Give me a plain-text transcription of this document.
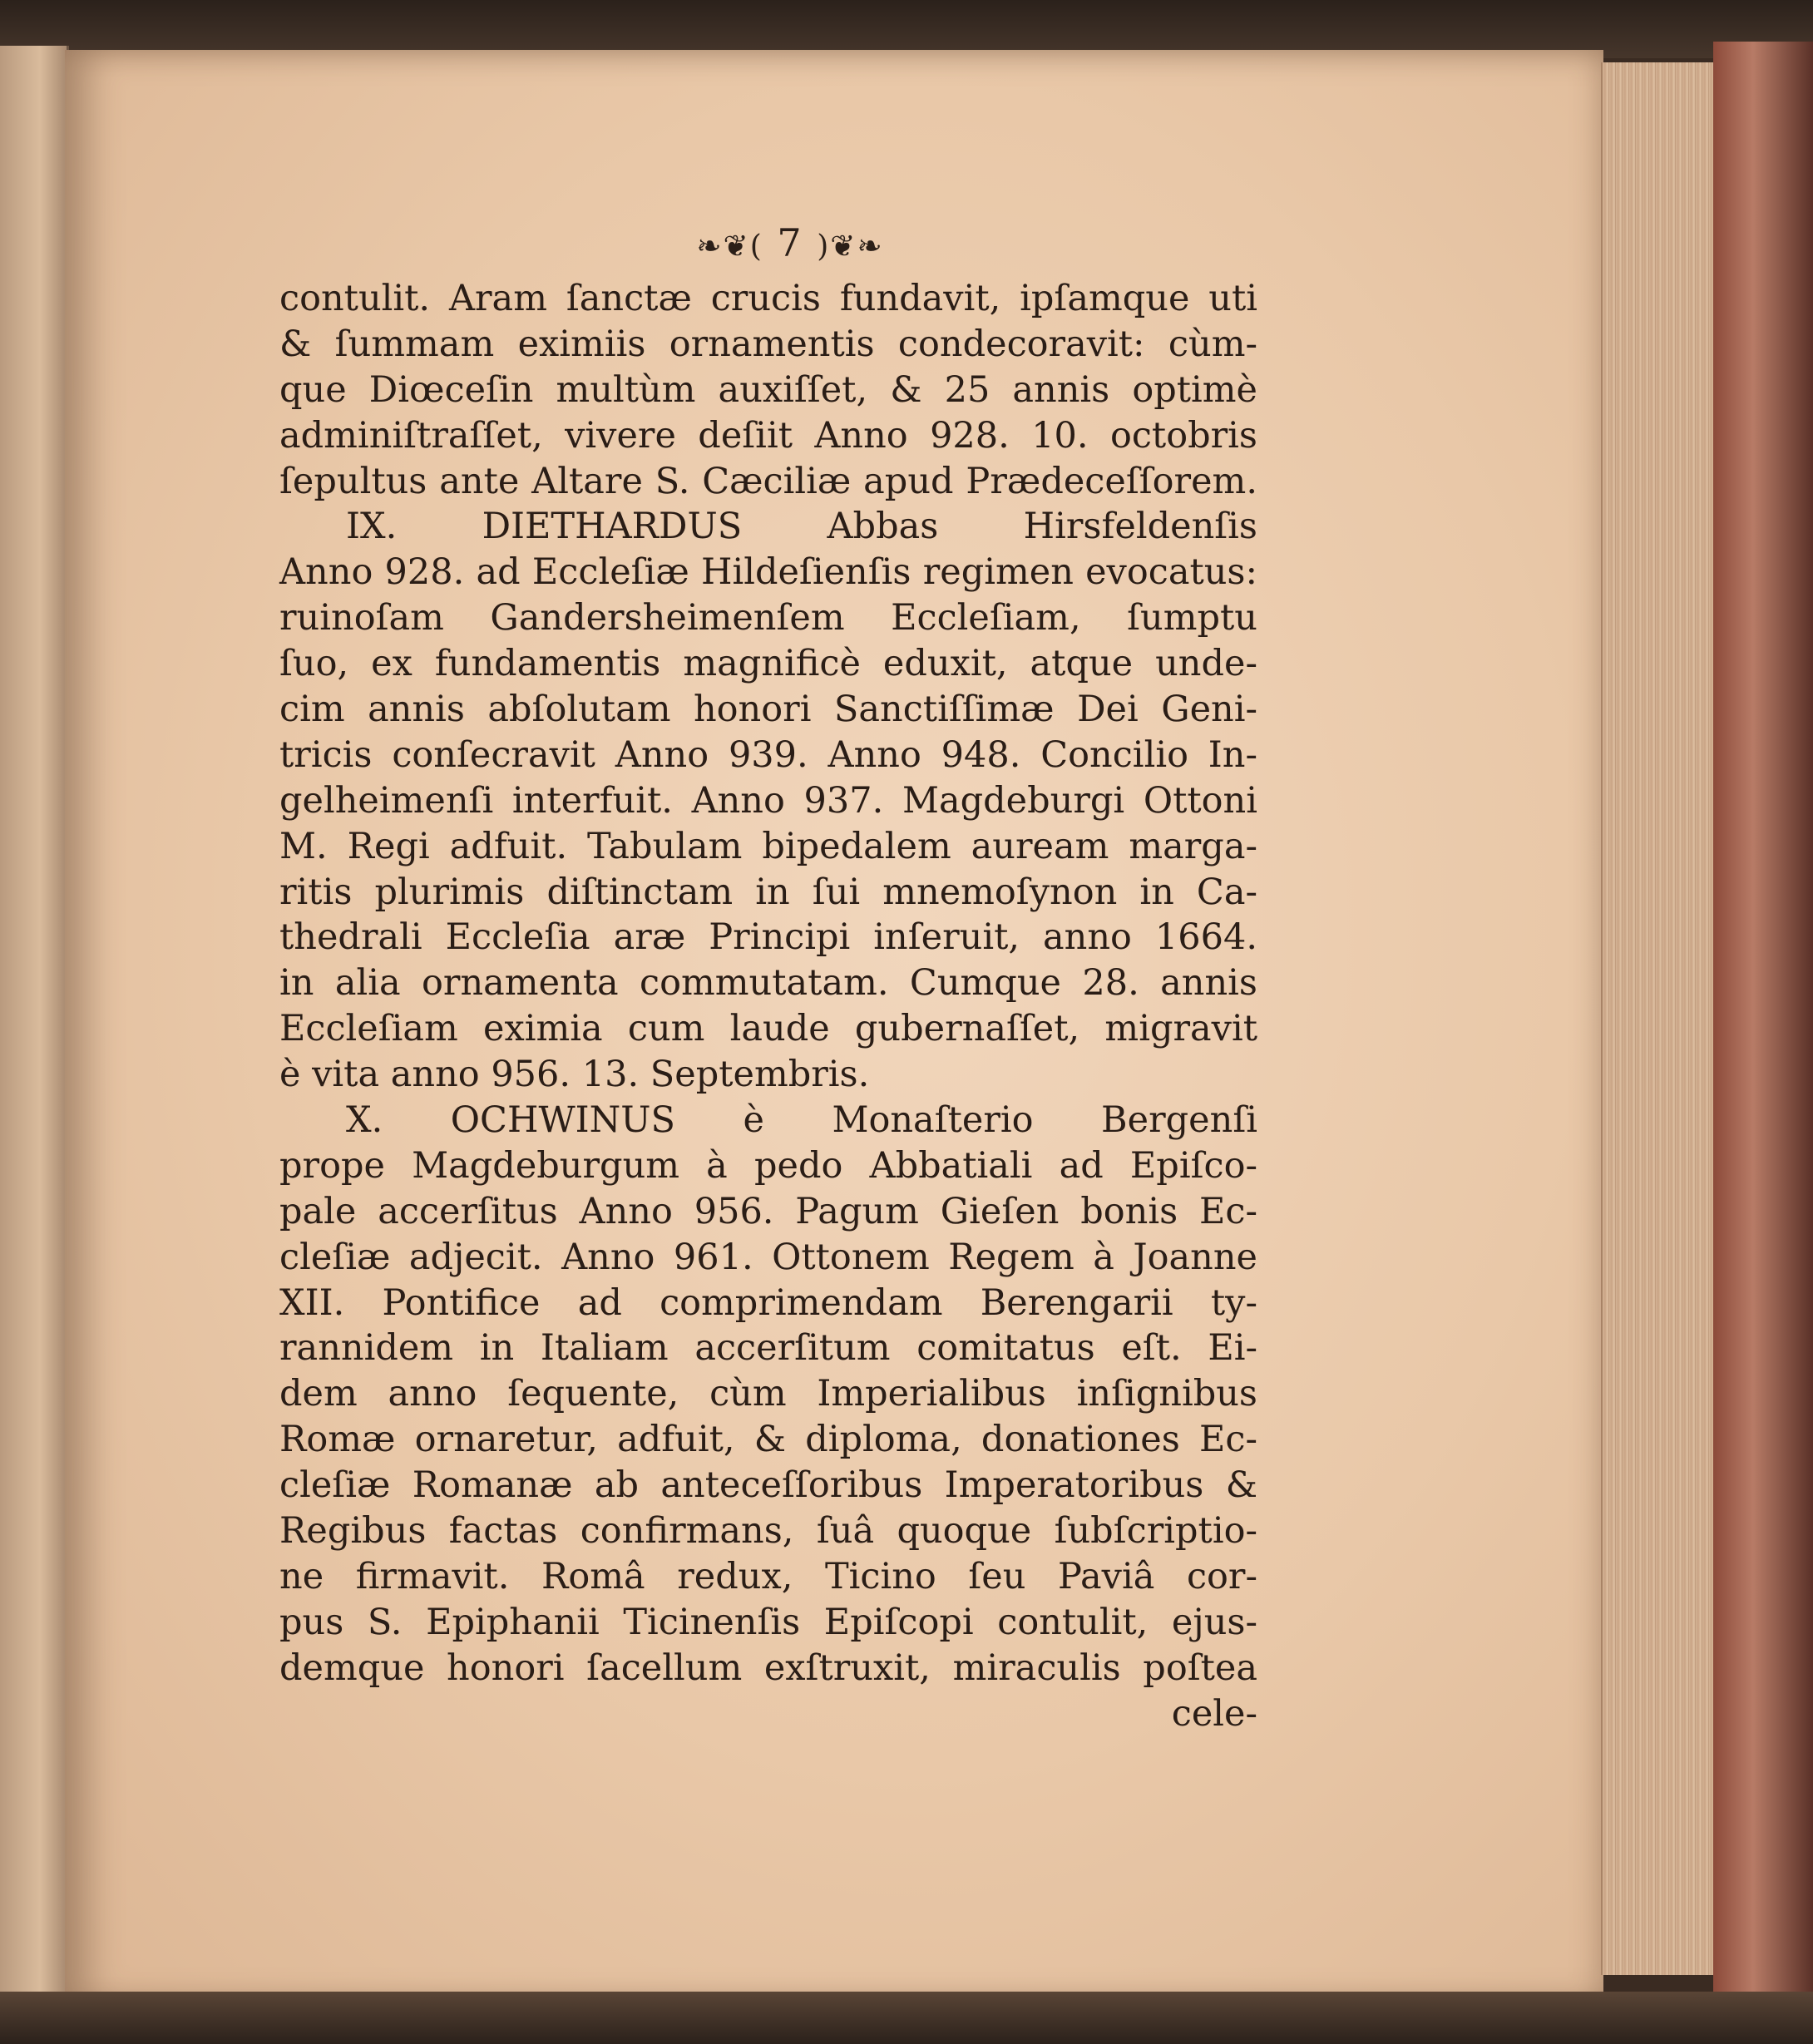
❧❦( 7 )❦❧
contulit. Aram ſanctæ crucis fundavit, ipſamque uti
& ſummam eximiis ornamentis condecoravit: cùm-
que Diœceſin multùm auxiſſet, & 25 annis optimè
adminiſtraſſet, vivere deſiit Anno 928. 10. octobris
ſepultus ante Altare S. Cæciliæ apud Prædeceſſorem.
IX. DIETHARDUS Abbas Hirsfeldenſis
Anno 928. ad Eccleſiæ Hildeſienſis regimen evocatus:
ruinoſam Gandersheimenſem Eccleſiam, ſumptu
ſuo, ex fundamentis magnificè eduxit, atque unde-
cim annis abſolutam honori Sanctiſſimæ Dei Geni-
tricis conſecravit Anno 939. Anno 948. Concilio In-
gelheimenſi interfuit. Anno 937. Magdeburgi Ottoni
M. Regi adfuit. Tabulam bipedalem auream marga-
ritis plurimis diſtinctam in ſui mnemoſynon in Ca-
thedrali Eccleſia aræ Principi inſeruit, anno 1664.
in alia ornamenta commutatam. Cumque 28. annis
Eccleſiam eximia cum laude gubernaſſet, migravit
è vita anno 956. 13. Septembris.
X. OCHWINUS è Monaſterio Bergenſi
prope Magdeburgum à pedo Abbatiali ad Epiſco-
pale accerſitus Anno 956. Pagum Gieſen bonis Ec-
cleſiæ adjecit. Anno 961. Ottonem Regem à Joanne
XII. Pontifice ad comprimendam Berengarii ty-
rannidem in Italiam accerſitum comitatus eſt. Ei-
dem anno ſequente, cùm Imperialibus inſignibus
Romæ ornaretur, adfuit, & diploma, donationes Ec-
cleſiæ Romanæ ab anteceſſoribus Imperatoribus &
Regibus factas confirmans, ſuâ quoque ſubſcriptio-
ne firmavit. Româ redux, Ticino ſeu Paviâ cor-
pus S. Epiphanii Ticinenſis Epiſcopi contulit, ejus-
demque honori ſacellum exſtruxit, miraculis poſtea
cele-
